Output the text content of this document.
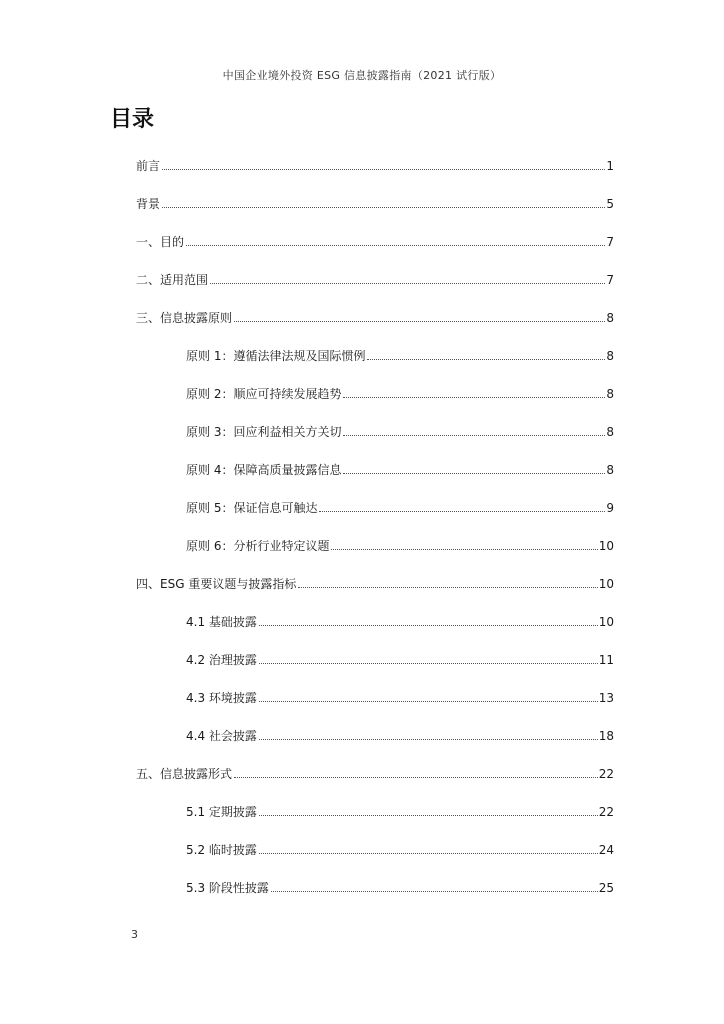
中国企业境外投资 ESG 信息披露指南（2021 试行版）
目录
前言	1
背景	5
一、目的	7
二、适用范围	7
三、信息披露原则	8
原则 1：遵循法律法规及国际惯例	8
原则 2：顺应可持续发展趋势	8
原则 3：回应利益相关方关切	8
原则 4：保障高质量披露信息	8
原则 5：保证信息可触达	9
原则 6：分析行业特定议题	10
四、ESG 重要议题与披露指标	10
4.1 基础披露	10
4.2 治理披露	11
4.3 环境披露	13
4.4 社会披露	18
五、信息披露形式	22
5.1 定期披露	22
5.2 临时披露	24
5.3 阶段性披露	25
3
